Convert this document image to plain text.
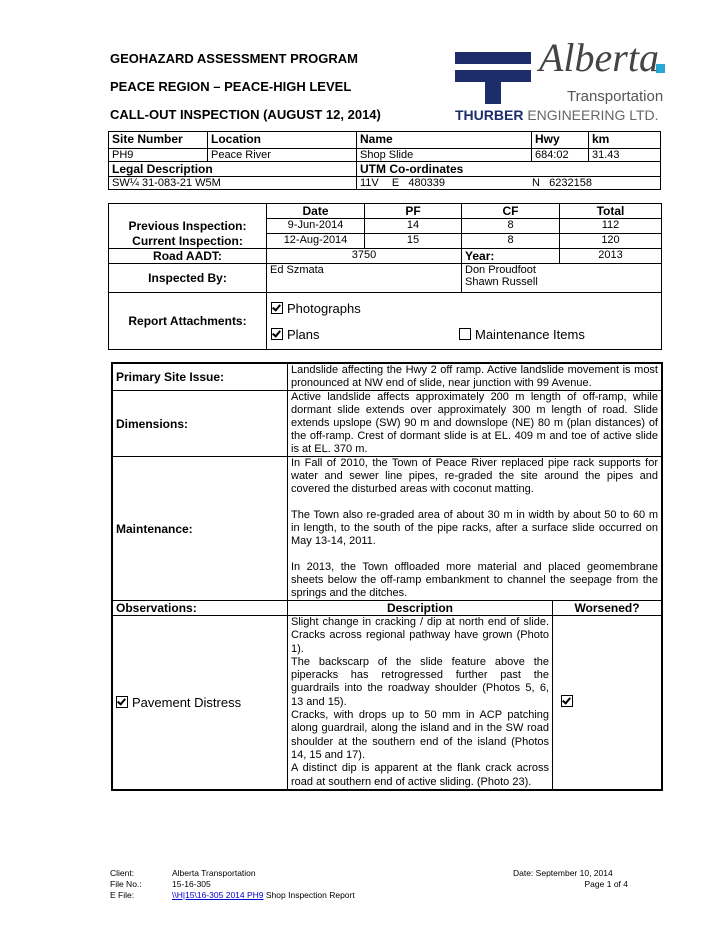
GEOHAZARD ASSESSMENT PROGRAM
PEACE REGION – PEACE-HIGH LEVEL
CALL-OUT INSPECTION (AUGUST 12, 2014)
Alberta
Transportation
THURBER ENGINEERING LTD.
Site Number	Location	Name	Hwy	km
PH9	Peace River	Shop Slide	684:02	31.43
Legal Description		UTM Co-ordinates		
SW¼ 31-083-21 W5M		11V E   480339 N   6232158		
	Date	PF	CF	Total
Previous Inspection:	9-Jun-2014	14	8	112
Current Inspection:	12-Aug-2014	15	8	120
Road AADT:	3750		Year:	2013
Inspected By:	Ed Szmata		Don Proudfoot
Shawn Russell	

Report Attachments:	Photographs
Plans Maintenance Items			
Primary Site Issue:	Landslide affecting the Hwy 2 off ramp. Active landslide movement is most pronounced at NW end of slide, near junction with 99 Avenue.	
Dimensions:	Active landslide affects approximately 200 m length of off-ramp, while dormant slide extends over approximately 300 m length of road. Slide extends upslope (SW) 90 m and downslope (NE) 80 m (plan distances) of the off-ramp. Crest of dormant slide is at EL. 409 m and toe of active slide is at EL. 370 m.	
Maintenance:	In Fall of 2010, the Town of Peace River replaced pipe rack supports for water and sewer line pipes, re-graded the site around the pipes and covered the disturbed areas with coconut matting.
The Town also re-graded area of about 30 m in width by about 50 to 60 m in length, to the south of the pipe racks, after a surface slide occurred on May 13-14, 2011.
In 2013, the Town offloaded more material and placed geomembrane sheets below the off-ramp embankment to channel the seepage from the springs and the ditches.	

Observations:	Description	Worsened?
Pavement Distress	Slight change in cracking / dip at north end of slide. Cracks across regional pathway have grown (Photo 1).
The backscarp of the slide feature above the piperacks has retrogressed further past the guardrails into the roadway shoulder (Photos 5, 6, 13 and 15).
Cracks, with drops up to 50 mm in ACP patching along guardrail, along the island and in the SW road shoulder at the southern end of the island (Photos 14, 15 and 17).
A distinct dip is apparent at the flank crack across road at southern end of active sliding. (Photo 23).	

Client:	Alberta Transportation
File No.:	15-16-305
E File:	\\H|15\16-305 2014 PH9 Shop Inspection Report
Date: September 10, 2014
Page 1 of 4
